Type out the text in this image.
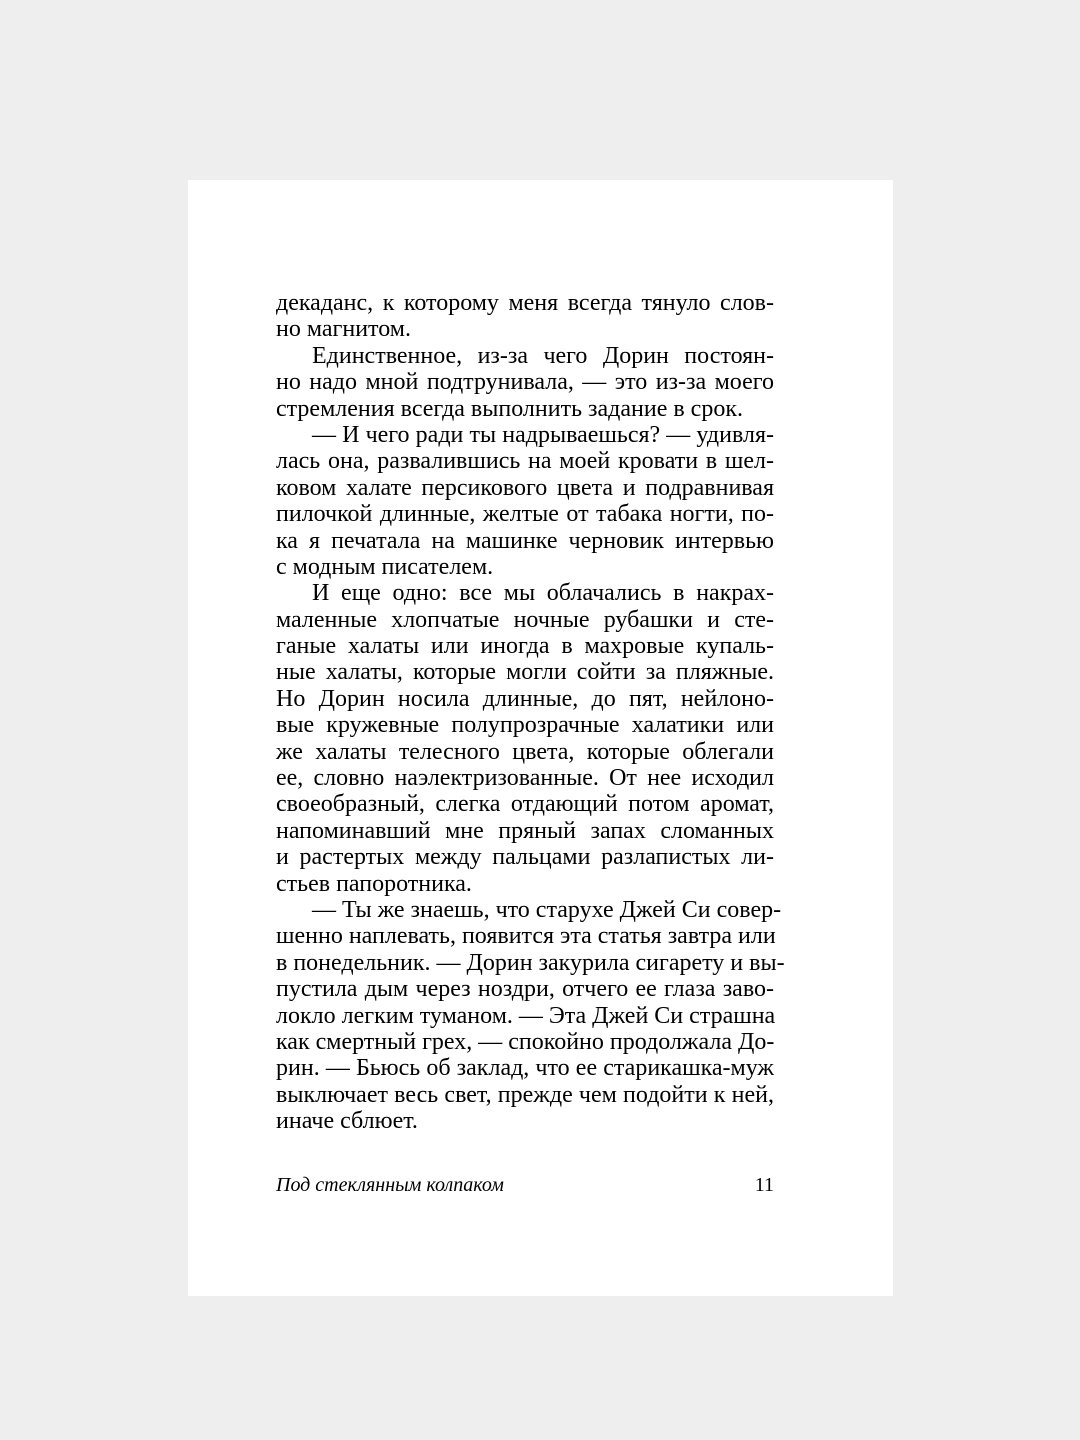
декаданс, к которому меня всегда тянуло слов-
но магнитом.
Единственное, из-за чего Дорин постоян-
но надо мной подтрунивала, — это из-за моего
стремления всегда выполнить задание в срок.
— И чего ради ты надрываешься? — удивля-
лась она, развалившись на моей кровати в шел-
ковом халате персикового цвета и подравнивая
пилочкой длинные, желтые от табака ногти, по-
ка я печатала на машинке черновик интервью
с модным писателем.
И еще одно: все мы облачались в накрах-
маленные хлопчатые ночные рубашки и сте-
ганые халаты или иногда в махровые купаль-
ные халаты, которые могли сойти за пляжные.
Но Дорин носила длинные, до пят, нейлоно-
вые кружевные полупрозрачные халатики или
же халаты телесного цвета, которые облегали
ее, словно наэлектризованные. От нее исходил
своеобразный, слегка отдающий потом аромат,
напоминавший мне пряный запах сломанных
и растертых между пальцами разлапистых ли-
стьев папоротника.
— Ты же знаешь, что старухе Джей Си совер-
шенно наплевать, появится эта статья завтра или
в понедельник. — Дорин закурила сигарету и вы-
пустила дым через ноздри, отчего ее глаза заво-
локло легким туманом. — Эта Джей Си страшна
как смертный грех, — спокойно продолжала До-
рин. — Бьюсь об заклад, что ее старикашка-муж
выключает весь свет, прежде чем подойти к ней,
иначе сблюет.
Под стеклянным колпаком	11
